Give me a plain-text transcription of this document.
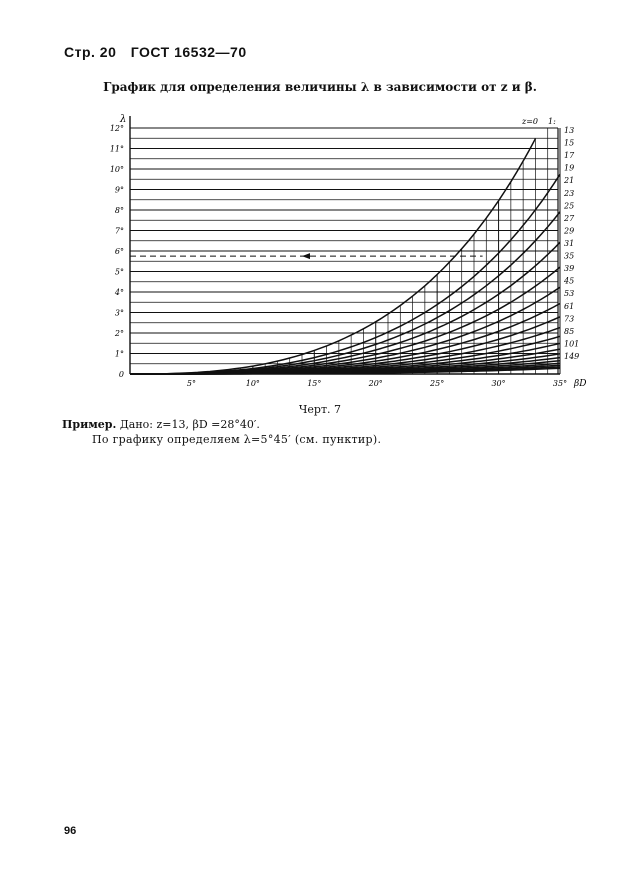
Стр. 20 ГОСТ 16532—70
График для определения величины λ в зависимости от z и β.
0
1°
2°
3°
4°
5°
6°
7°
8°
9°
10°
11°
12°
λ
5°	10°	15°	20°	25°	30°	35° βD
13
15
17
19
21
23
25
27
29
31
35
39
45
53
61
73
85
101
149
z=0 1:
Черт. 7
Пример. Дано: z=13, βD =28°40′.
По графику определяем λ=5°45′ (см. пунктир).
96
